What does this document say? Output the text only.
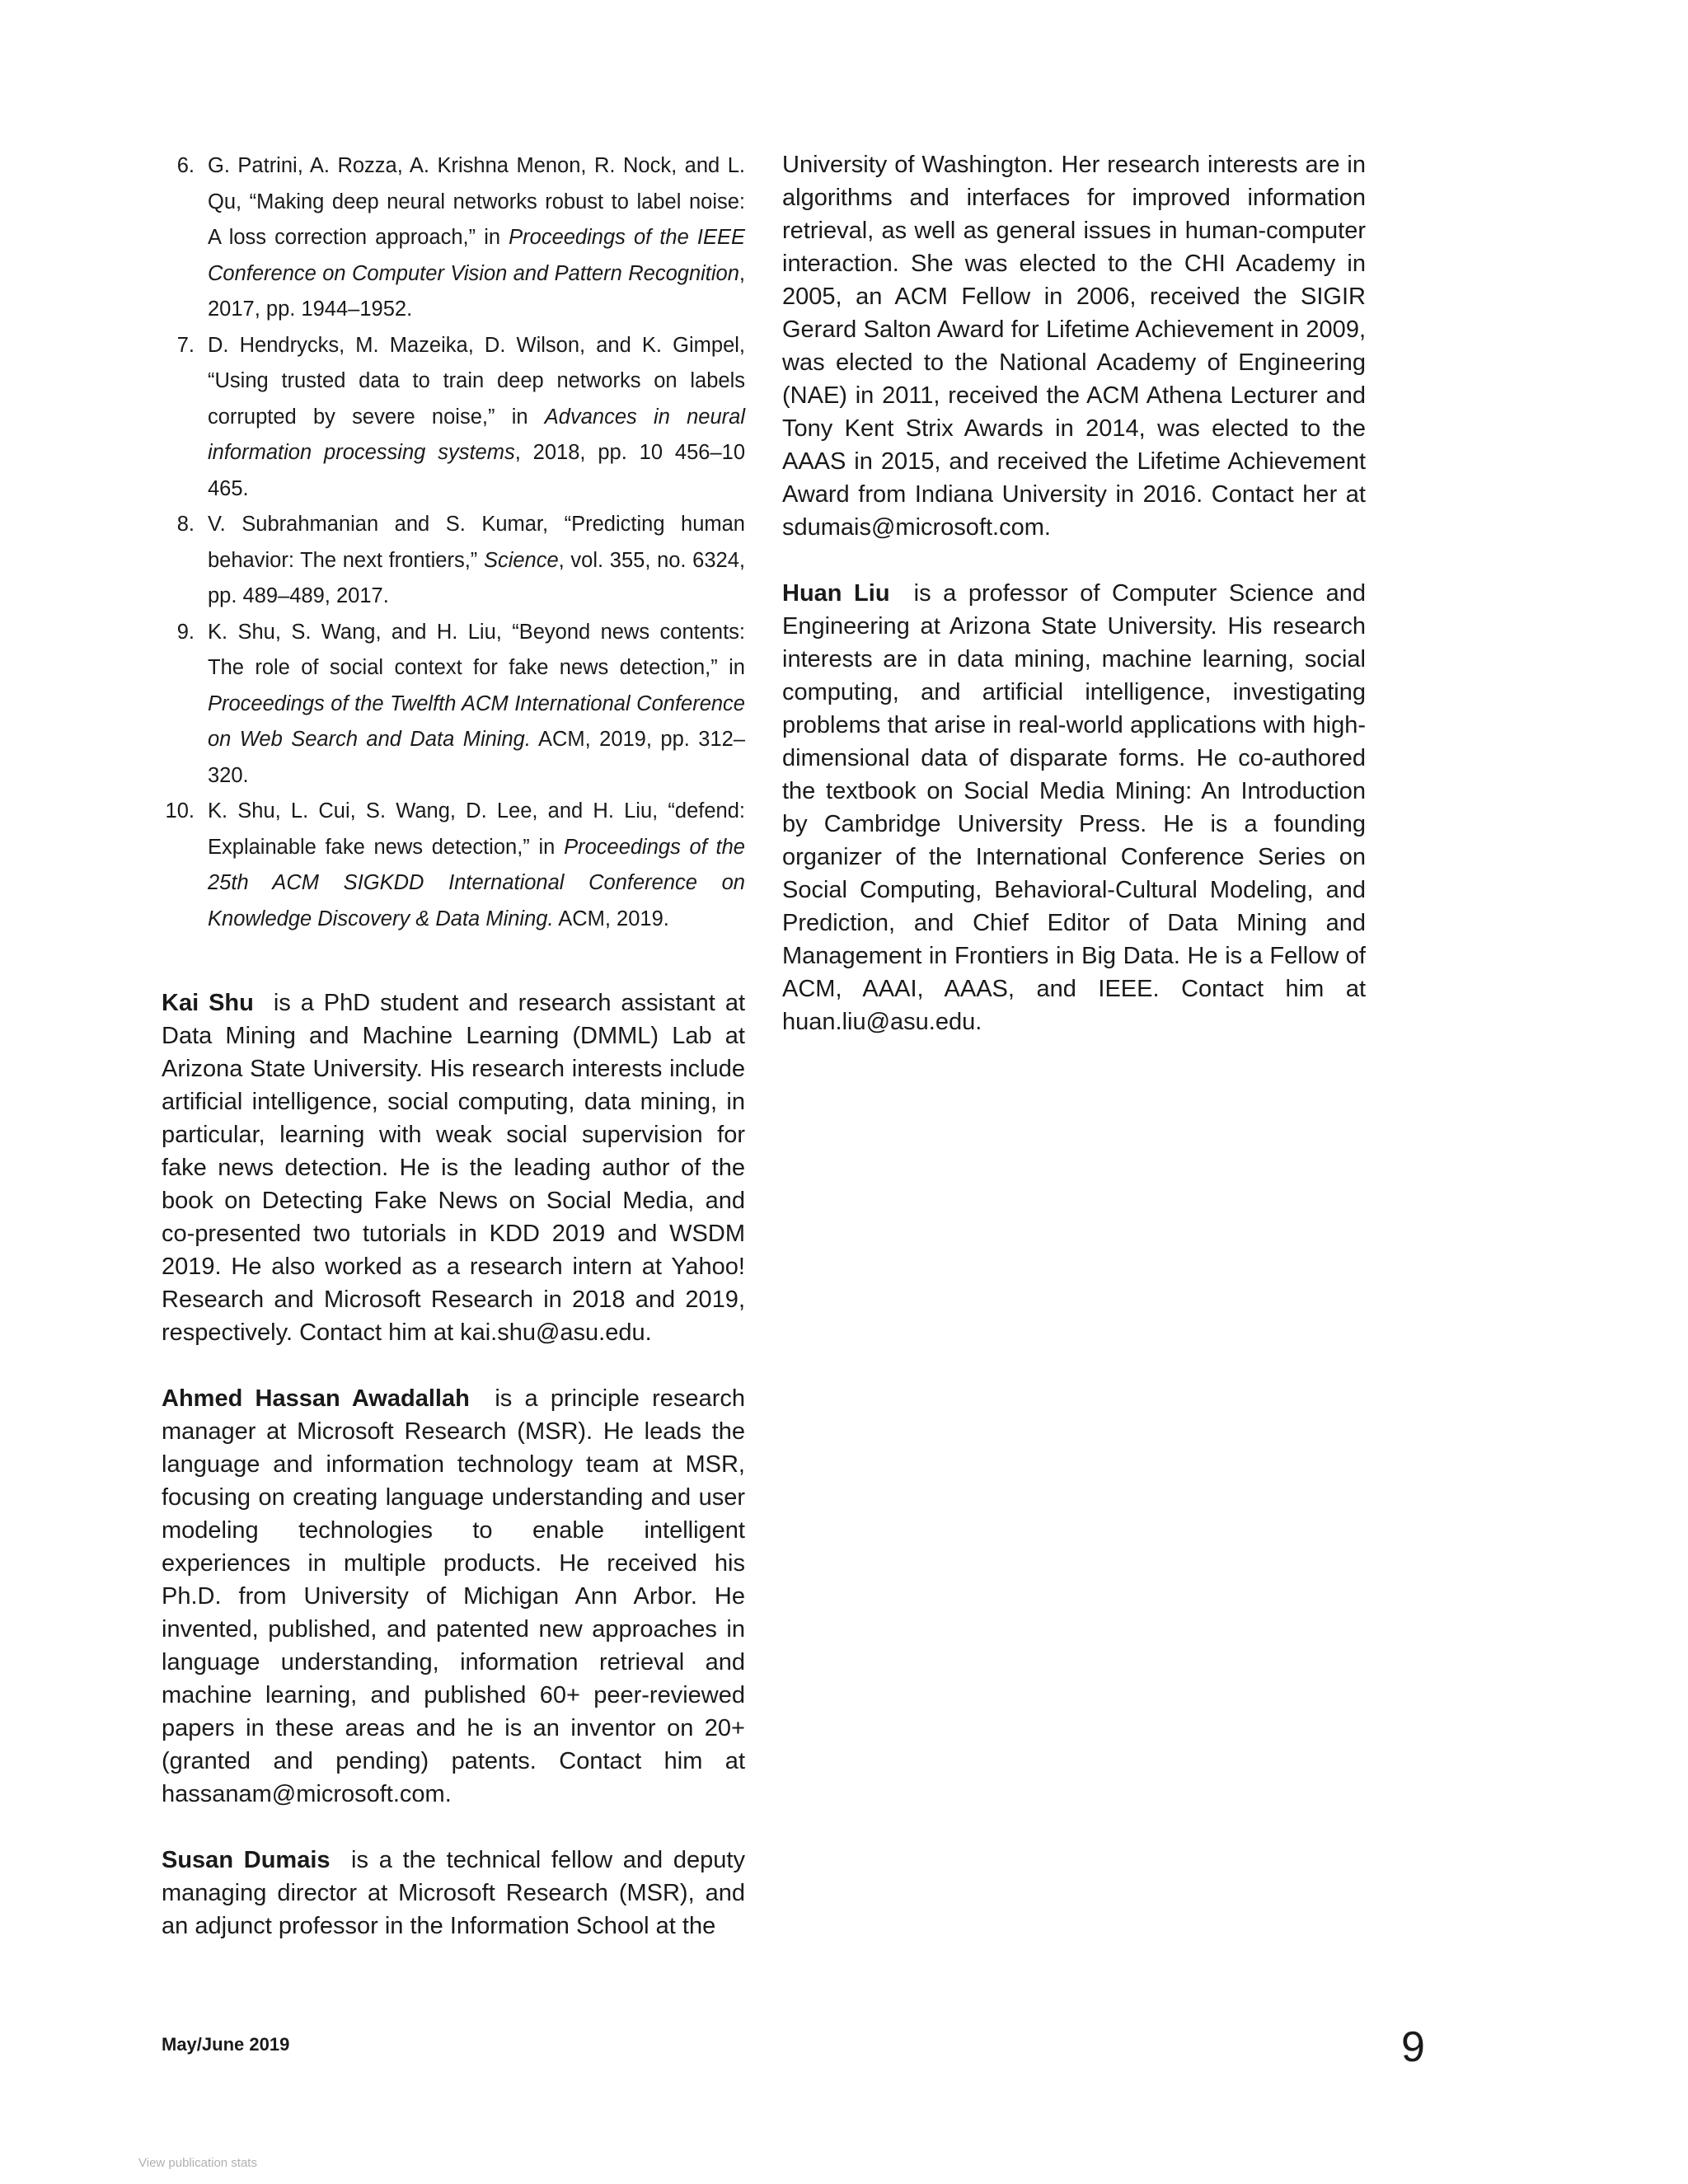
6. G. Patrini, A. Rozza, A. Krishna Menon, R. Nock, and L. Qu, “Making deep neural networks robust to label noise: A loss correction approach,” in Proceedings of the IEEE Conference on Computer Vision and Pattern Recognition, 2017, pp. 1944–1952.
7. D. Hendrycks, M. Mazeika, D. Wilson, and K. Gimpel, “Using trusted data to train deep networks on labels corrupted by severe noise,” in Advances in neural information processing systems, 2018, pp. 10 456–10 465.
8. V. Subrahmanian and S. Kumar, “Predicting human behavior: The next frontiers,” Science, vol. 355, no. 6324, pp. 489–489, 2017.
9. K. Shu, S. Wang, and H. Liu, “Beyond news contents: The role of social context for fake news detection,” in Proceedings of the Twelfth ACM International Conference on Web Search and Data Mining. ACM, 2019, pp. 312–320.
10. K. Shu, L. Cui, S. Wang, D. Lee, and H. Liu, “defend: Explainable fake news detection,” in Proceedings of the 25th ACM SIGKDD International Conference on Knowledge Discovery & Data Mining. ACM, 2019.

Kai Shu is a PhD student and research assistant at Data Mining and Machine Learning (DMML) Lab at Arizona State University. His research interests include artificial intelligence, social computing, data mining, in particular, learning with weak social supervision for fake news detection. He is the leading author of the book on Detecting Fake News on Social Media, and co-presented two tutorials in KDD 2019 and WSDM 2019. He also worked as a research intern at Yahoo! Research and Microsoft Research in 2018 and 2019, respectively. Contact him at kai.shu@asu.edu.

Ahmed Hassan Awadallah is a principle research manager at Microsoft Research (MSR). He leads the language and information technology team at MSR, focusing on creating language understanding and user modeling technologies to enable intelligent experiences in multiple products. He received his Ph.D. from University of Michigan Ann Arbor. He invented, published, and patented new approaches in language understanding, information retrieval and machine learning, and published 60+ peer-reviewed papers in these areas and he is an inventor on 20+ (granted and pending) patents. Contact him at hassanam@microsoft.com.

Susan Dumais is a the technical fellow and deputy managing director at Microsoft Research (MSR), and an adjunct professor in the Information School at the

University of Washington. Her research interests are in algorithms and interfaces for improved information retrieval, as well as general issues in human-computer interaction. She was elected to the CHI Academy in 2005, an ACM Fellow in 2006, received the SIGIR Gerard Salton Award for Lifetime Achievement in 2009, was elected to the National Academy of Engineering (NAE) in 2011, received the ACM Athena Lecturer and Tony Kent Strix Awards in 2014, was elected to the AAAS in 2015, and received the Lifetime Achievement Award from Indiana University in 2016. Contact her at sdumais@microsoft.com.

Huan Liu is a professor of Computer Science and Engineering at Arizona State University. His research interests are in data mining, machine learning, social computing, and artificial intelligence, investigating problems that arise in real-world applications with high-dimensional data of disparate forms. He co-authored the textbook on Social Media Mining: An Introduction by Cambridge University Press. He is a founding organizer of the International Conference Series on Social Computing, Behavioral-Cultural Modeling, and Prediction, and Chief Editor of Data Mining and Management in Frontiers in Big Data. He is a Fellow of ACM, AAAI, AAAS, and IEEE. Contact him at huan.liu@asu.edu.

May/June 2019	9
View publication stats
